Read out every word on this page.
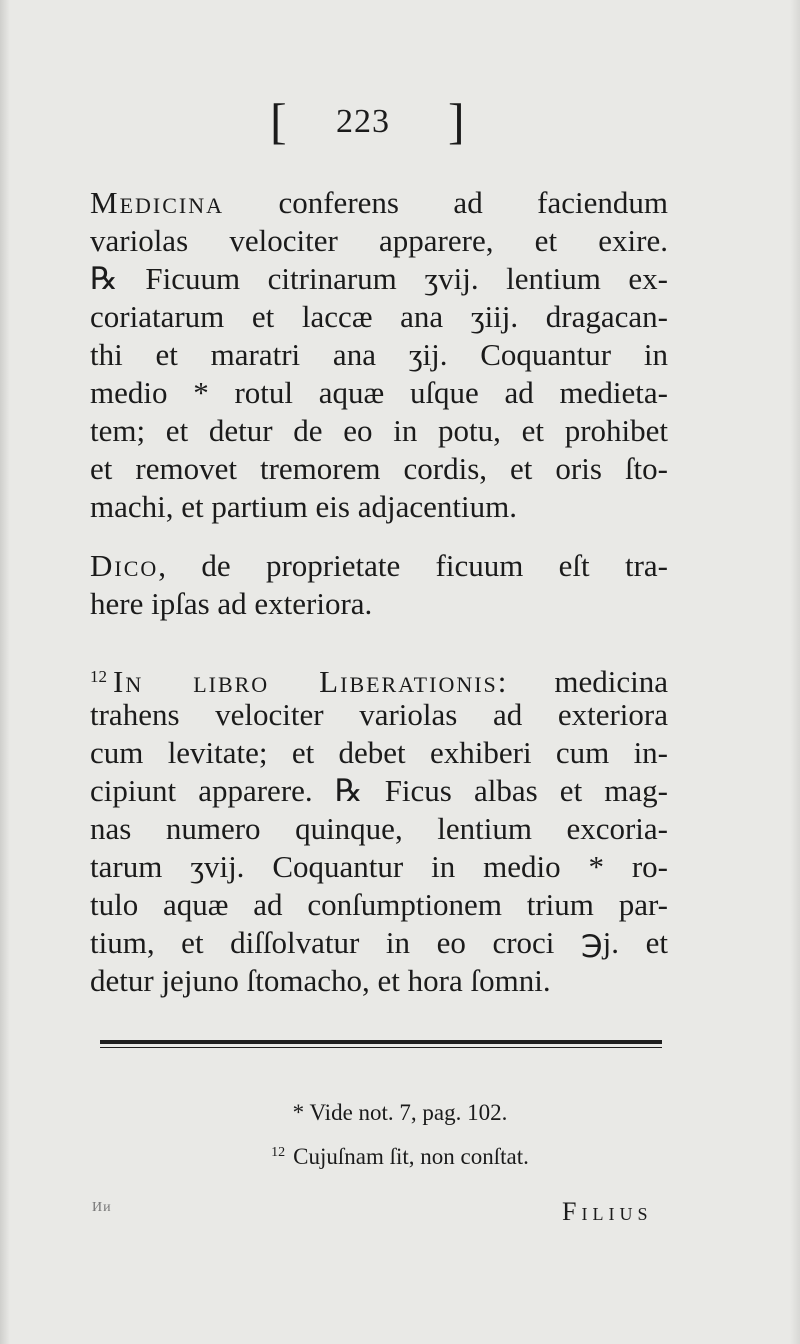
[ 223 ]
Medicina conferens ad faciendum
variolas velociter apparere, et exire.
℞ Ficuum citrinarum ʒvij. lentium ex-
coriatarum et laccæ ana ʒiij. dragacan-
thi et maratri ana ʒij. Coquantur in
medio * rotul aquæ uſque ad medieta-
tem; et detur de eo in potu, et prohibet
et removet tremorem cordis, et oris ſto-
machi, et partium eis adjacentium.
Dico, de proprietate ficuum eſt tra-
here ipſas ad exteriora.
$^{12}$ In libro Liberationis: medicina
trahens velociter variolas ad exteriora
cum levitate; et debet exhiberi cum in-
cipiunt apparere. ℞ Ficus albas et mag-
nas numero quinque, lentium excoria-
tarum ʒvij. Coquantur in medio * ro-
tulo aquæ ad conſumptionem trium par-
tium, et diſſolvatur in eo croci ℈j. et
detur jejuno ſtomacho, et hora ſomni.
* Vide not. 7, pag. 102.
$^{12}$ Cujuſnam ſit, non conſtat.
Ии	Filius
